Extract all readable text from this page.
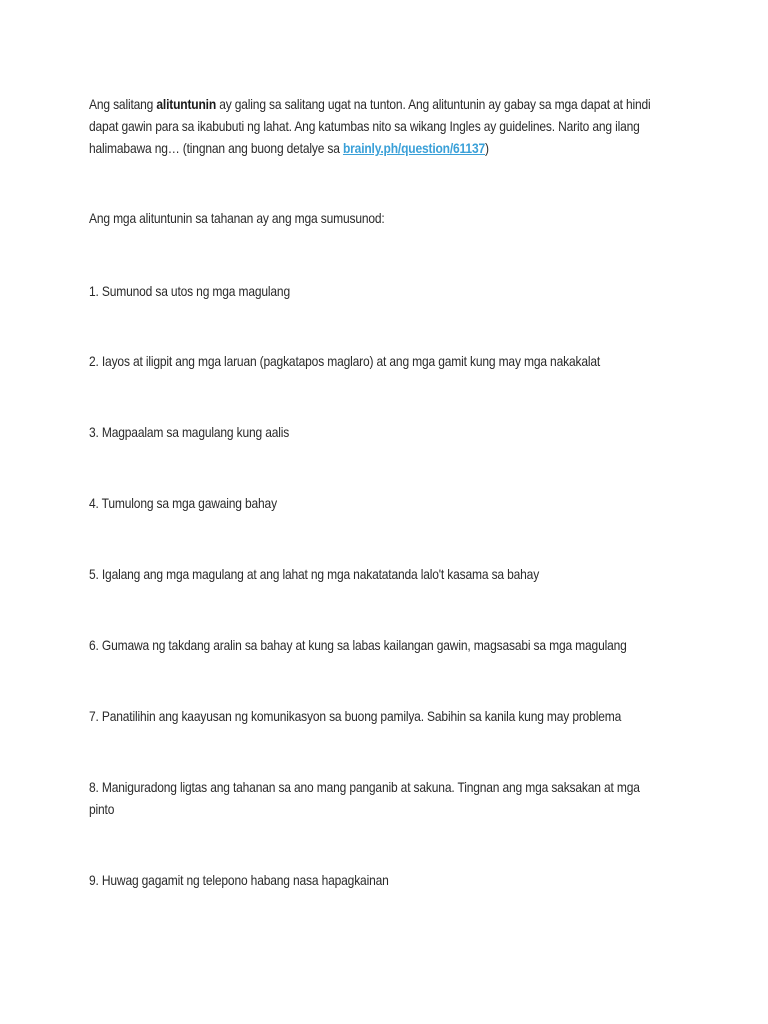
Ang salitang alituntunin ay galing sa salitang ugat na tunton. Ang alituntunin ay gabay sa mga dapat at hindi dapat gawin para sa ikabubuti ng lahat. Ang katumbas nito sa wikang Ingles ay guidelines. Narito ang ilang halimabawa ng… (tingnan ang buong detalye sa brainly.ph/question/61137)

Ang mga alituntunin sa tahanan ay ang mga sumusunod:

1. Sumunod sa utos ng mga magulang

2. Iayos at iligpit ang mga laruan (pagkatapos maglaro) at ang mga gamit kung may mga nakakalat

3. Magpaalam sa magulang kung aalis

4. Tumulong sa mga gawaing bahay

5. Igalang ang mga magulang at ang lahat ng mga nakatatanda lalo't kasama sa bahay

6. Gumawa ng takdang aralin sa bahay at kung sa labas kailangan gawin, magsasabi sa mga magulang

7. Panatilihin ang kaayusan ng komunikasyon sa buong pamilya. Sabihin sa kanila kung may problema

8. Maniguradong ligtas ang tahanan sa ano mang panganib at sakuna. Tingnan ang mga saksakan at mga pinto

9. Huwag gagamit ng telepono habang nasa hapagkainan
